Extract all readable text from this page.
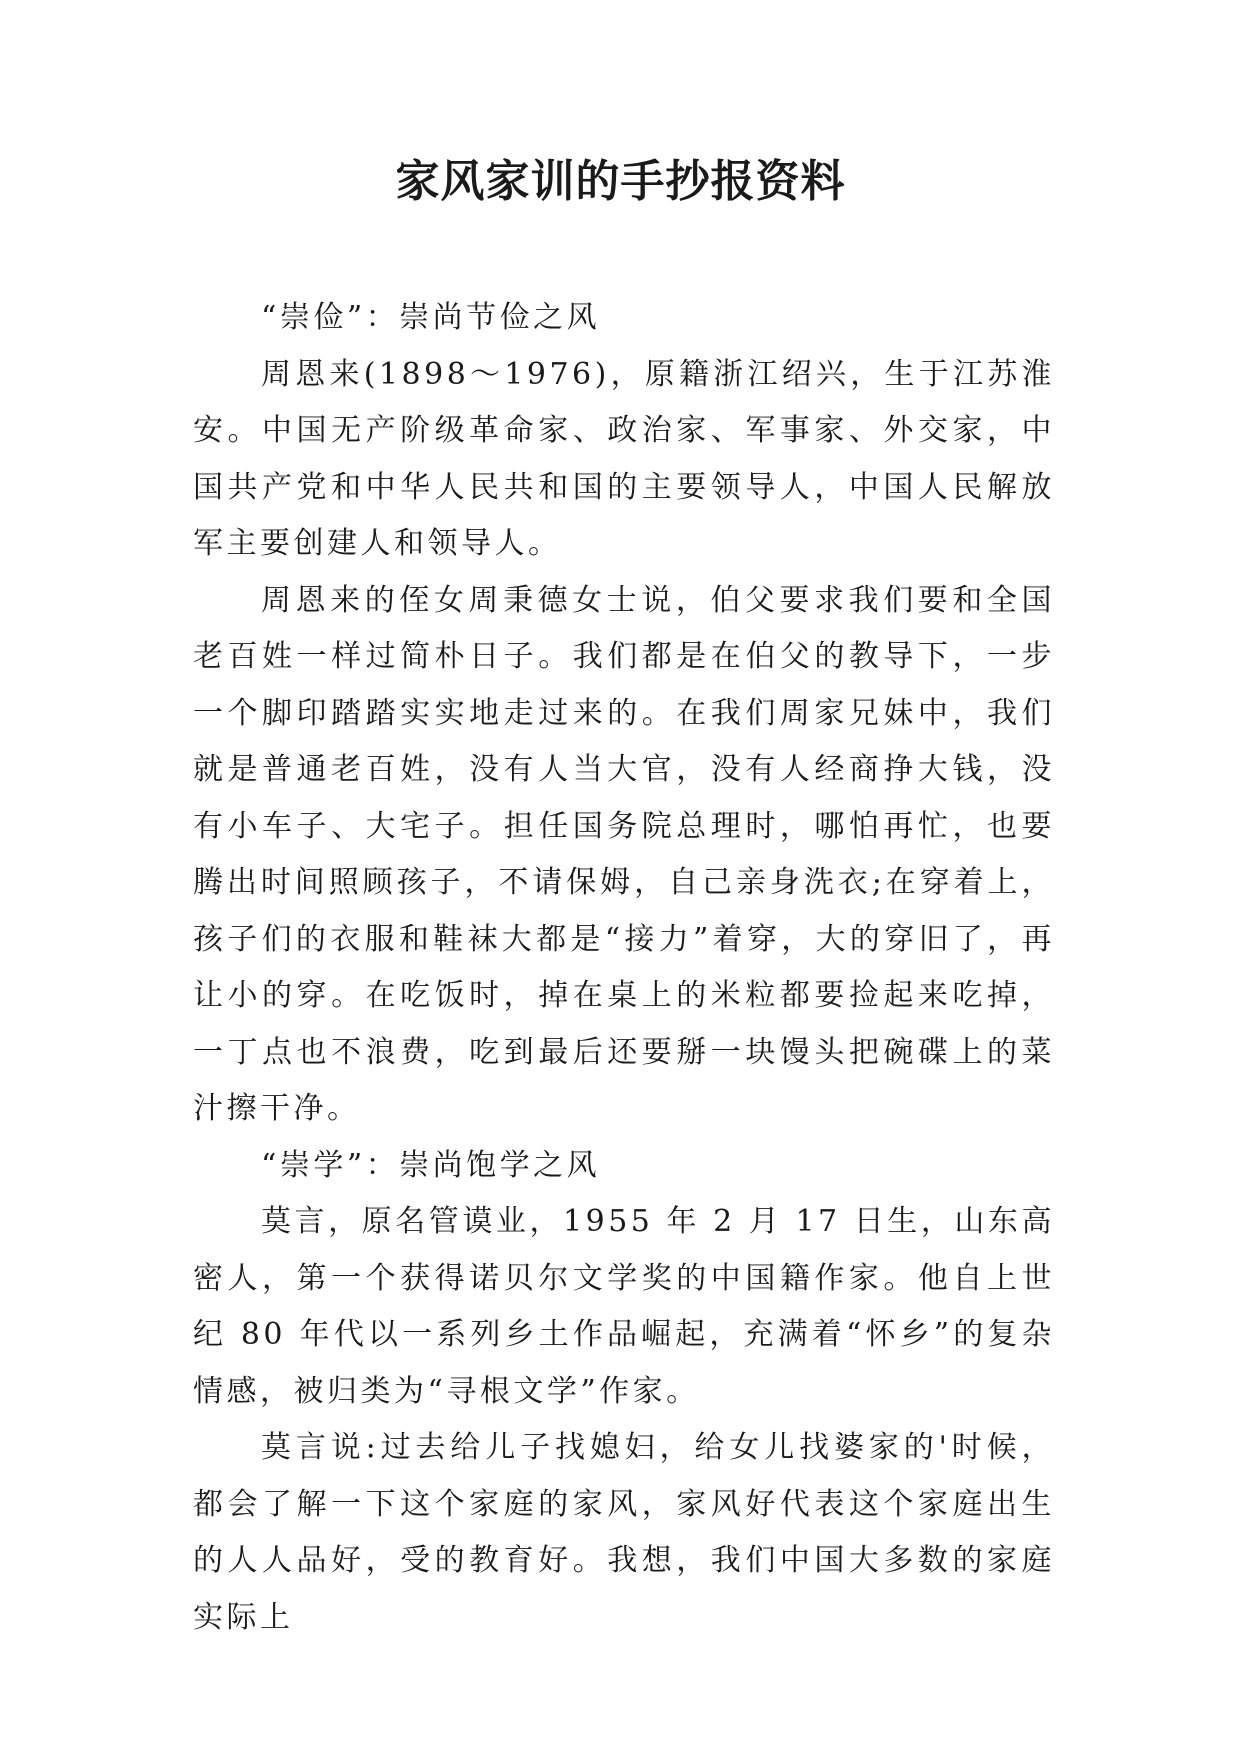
家风家训的手抄报资料

“崇俭”：崇尚节俭之风

周恩来(1898～1976)，原籍浙江绍兴，生于江苏淮安。中国无产阶级革命家、政治家、军事家、外交家，中国共产党和中华人民共和国的主要领导人，中国人民解放军主要创建人和领导人。

周恩来的侄女周秉德女士说，伯父要求我们要和全国老百姓一样过简朴日子。我们都是在伯父的教导下，一步一个脚印踏踏实实地走过来的。在我们周家兄妹中，我们就是普通老百姓，没有人当大官，没有人经商挣大钱，没有小车子、大宅子。担任国务院总理时，哪怕再忙，也要腾出时间照顾孩子，不请保姆，自己亲身洗衣;在穿着上，孩子们的衣服和鞋袜大都是“接力”着穿，大的穿旧了，再让小的穿。在吃饭时，掉在桌上的米粒都要捡起来吃掉，一丁点也不浪费，吃到最后还要掰一块馒头把碗碟上的菜汁擦干净。

“崇学”：崇尚饱学之风

莫言，原名管谟业，1955 年 2 月 17 日生，山东高密人，第一个获得诺贝尔文学奖的中国籍作家。他自上世纪 80 年代以一系列乡土作品崛起，充满着“怀乡”的复杂情感，被归类为“寻根文学”作家。

莫言说:过去给儿子找媳妇，给女儿找婆家的'时候，都会了解一下这个家庭的家风，家风好代表这个家庭出生的人人品好，受的教育好。我想，我们中国大多数的家庭实际上
